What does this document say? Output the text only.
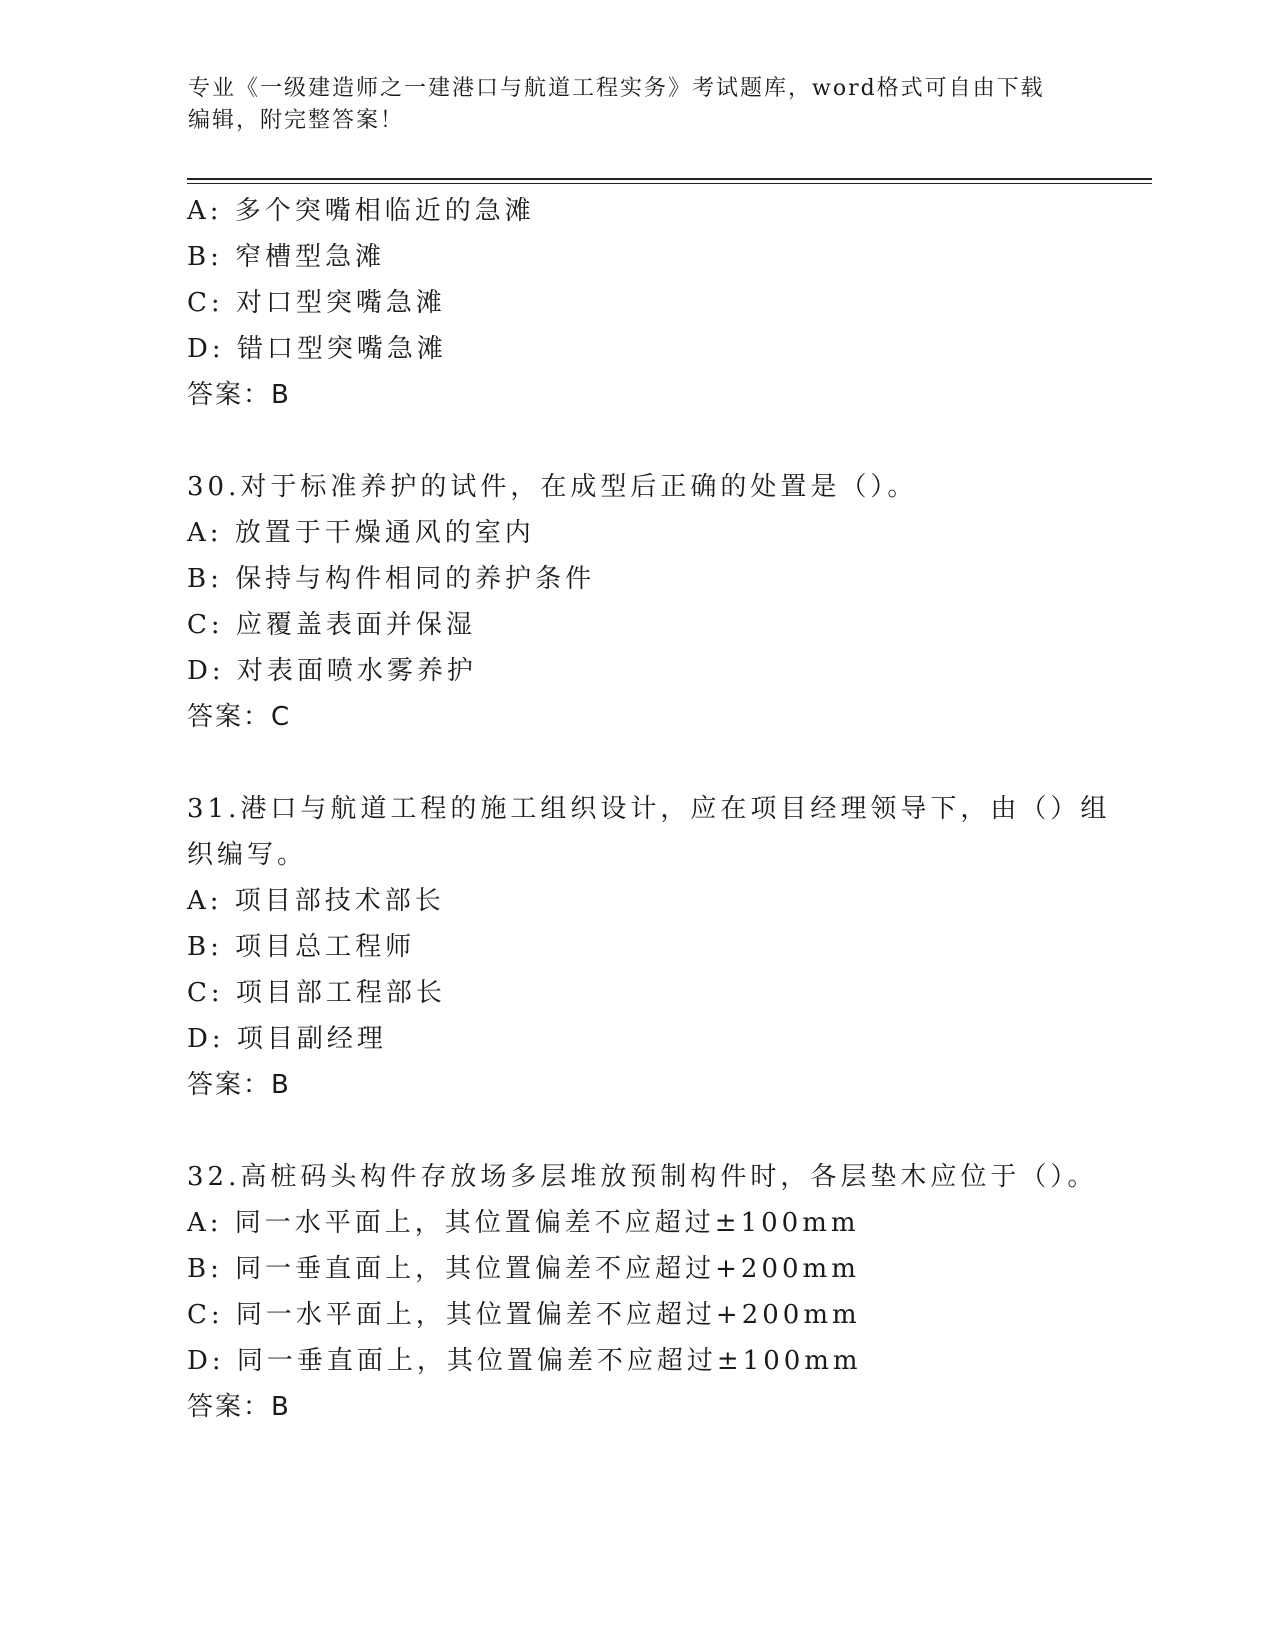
专业《一级建造师之一建港口与航道工程实务》考试题库，word格式可自由下载
编辑，附完整答案！
A: 多个突嘴相临近的急滩
B: 窄槽型急滩
C: 对口型突嘴急滩
D: 错口型突嘴急滩
答案：B
30.对于标准养护的试件，在成型后正确的处置是（）。
A: 放置于干燥通风的室内
B: 保持与构件相同的养护条件
C: 应覆盖表面并保湿
D: 对表面喷水雾养护
答案：C
31.港口与航道工程的施工组织设计，应在项目经理领导下，由（）组
织编写。
A: 项目部技术部长
B: 项目总工程师
C: 项目部工程部长
D: 项目副经理
答案：B
32.高桩码头构件存放场多层堆放预制构件时，各层垫木应位于（）。
A: 同一水平面上，其位置偏差不应超过±100mm
B: 同一垂直面上，其位置偏差不应超过+200mm
C: 同一水平面上，其位置偏差不应超过+200mm
D: 同一垂直面上，其位置偏差不应超过±100mm
答案：B
